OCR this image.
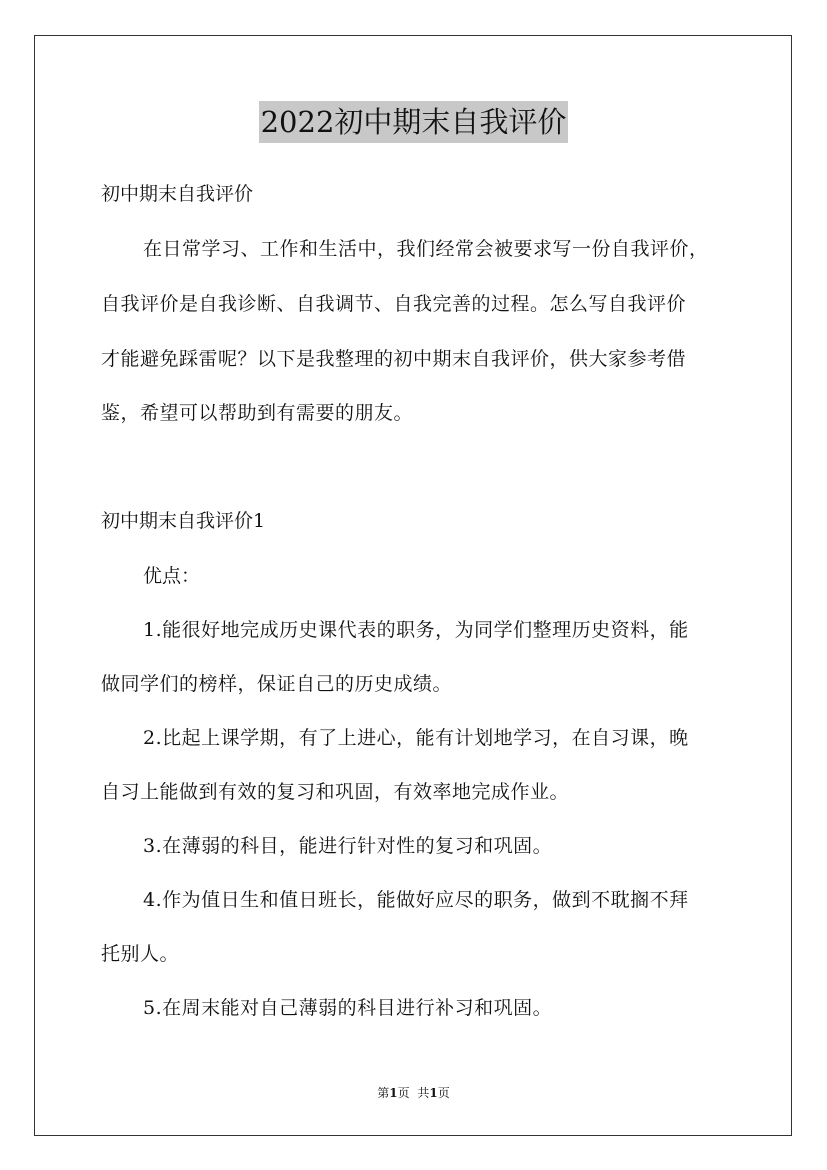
2022初中期末自我评价
初中期末自我评价
在日常学习、工作和生活中，我们经常会被要求写一份自我评价，
自我评价是自我诊断、自我调节、自我完善的过程。怎么写自我评价
才能避免踩雷呢？以下是我整理的初中期末自我评价，供大家参考借
鉴，希望可以帮助到有需要的朋友。
初中期末自我评价1
优点：
1.能很好地完成历史课代表的职务，为同学们整理历史资料，能
做同学们的榜样，保证自己的历史成绩。
2.比起上课学期，有了上进心，能有计划地学习，在自习课，晚
自习上能做到有效的复习和巩固，有效率地完成作业。
3.在薄弱的科目，能进行针对性的复习和巩固。
4.作为值日生和值日班长，能做好应尽的职务，做到不耽搁不拜
托别人。
5.在周末能对自己薄弱的科目进行补习和巩固。
第1页 共1页
